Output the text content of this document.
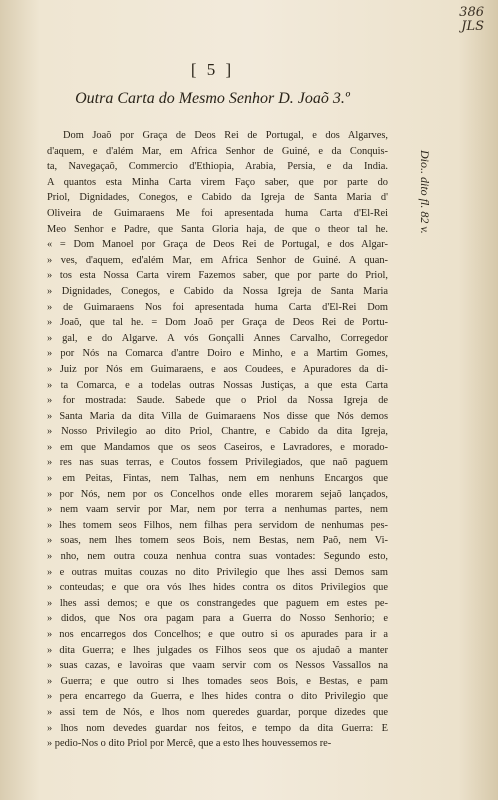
386
JLS
[ 5 ]
Outra Carta do Mesmo Senhor D. Joaõ 3.º
Dio.. dito fl. 82 v.
Dom Joaõ por Graça de Deos Rei de Portugal, e dos Algarves,
d'aquem, e d'além Mar, em Africa Senhor de Guiné, e da Conquis-
ta, Navegaçaõ, Commercio d'Ethiopia, Arabia, Persia, e da India.
A quantos esta Minha Carta virem Faço saber, que por parte do
Priol, Dignidades, Conegos, e Cabido da Igreja de Santa Maria d'
Oliveira de Guimaraens Me foi apresentada huma Carta d'El-Rei
Meo Senhor e Padre, que Santa Gloria haja, de que o theor tal he.
« = Dom Manoel por Graça de Deos Rei de Portugal, e dos Algar-
» ves, d'aquem, ed'além Mar, em Africa Senhor de Guiné. A quan-
» tos esta Nossa Carta virem Fazemos saber, que por parte do Priol,
» Dignidades, Conegos, e Cabido da Nossa Igreja de Santa Maria
» de Guimaraens Nos foi apresentada huma Carta d'El-Rei Dom
» Joaõ, que tal he. = Dom Joaõ per Graça de Deos Rei de Portu-
» gal, e do Algarve. A vós Gonçalli Annes Carvalho, Corregedor
» por Nós na Comarca d'antre Doiro e Minho, e a Martim Gomes,
» Juiz por Nós em Guimaraens, e aos Coudees, e Apuradores da di-
» ta Comarca, e a todelas outras Nossas Justiças, a que esta Carta
» for mostrada: Saude. Sabede que o Priol da Nossa Igreja de
» Santa Maria da dita Villa de Guimaraens Nos disse que Nós demos
» Nosso Privilegio ao dito Priol, Chantre, e Cabido da dita Igreja,
» em que Mandamos que os seos Caseiros, e Lavradores, e morado-
» res nas suas terras, e Coutos fossem Privilegiados, que naõ paguem
» em Peitas, Fintas, nem Talhas, nem em nenhuns Encargos que
» por Nós, nem por os Concelhos onde elles morarem sejaõ lançados,
» nem vaam servir por Mar, nem por terra a nenhumas partes, nem
» lhes tomem seos Filhos, nem filhas pera servidom de nenhumas pes-
» soas, nem lhes tomem seos Bois, nem Bestas, nem Paõ, nem Vi-
» nho, nem outra couza nenhua contra suas vontades: Segundo esto,
» e outras muitas couzas no dito Privilegio que lhes assi Demos sam
» conteudas; e que ora vós lhes hides contra os ditos Privilegios que
» lhes assi demos; e que os constrangedes que paguem em estes pe-
» didos, que Nos ora pagam para a Guerra do Nosso Senhorio; e
» nos encarregos dos Concelhos; e que outro si os apurades para ir a
» dita Guerra; e lhes julgades os Filhos seos que os ajudaõ a manter
» suas cazas, e lavoiras que vaam servir com os Nessos Vassallos na
» Guerra; e que outro si lhes tomades seos Bois, e Bestas, e pam
» pera encarrego da Guerra, e lhes hides contra o dito Privilegio que
» assi tem de Nós, e lhos nom queredes guardar, porque dizedes que
» lhos nom devedes guardar nos feitos, e tempo da dita Guerra: E
» pedio-Nos o dito Priol por Mercê, que a esto lhes houvessemos re-
